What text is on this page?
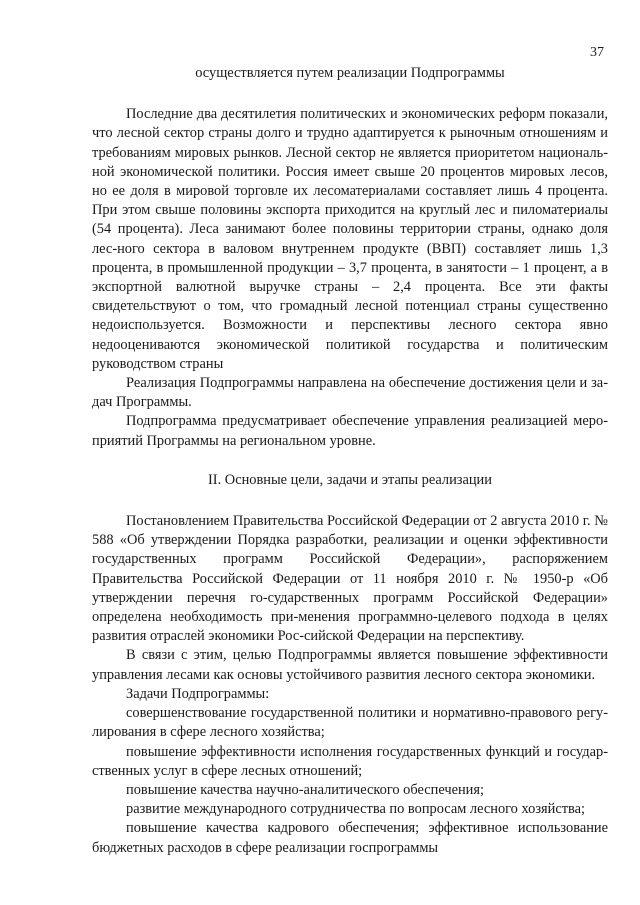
37

осуществляется путем реализации Подпрограммы

Последние два десятилетия политических и экономических реформ показали, что лесной сектор страны долго и трудно адаптируется к рыночным отношениям и требованиям мировых рынков. Лесной сектор не является приоритетом националь-ной экономической политики. Россия имеет свыше 20 процентов мировых лесов, но ее доля в мировой торговле их лесоматериалами составляет лишь 4 процента. При этом свыше половины экспорта приходится на круглый лес и пиломатериалы (54 процента). Леса занимают более половины территории страны, однако доля лес-ного сектора в валовом внутреннем продукте (ВВП) составляет лишь 1,3 процента, в промышленной продукции – 3,7 процента, в занятости – 1 процент, а в экспортной валютной выручке страны – 2,4 процента. Все эти факты свидетельствуют о том, что громадный лесной потенциал страны существенно недоиспользуется. Возможности и перспективы лесного сектора явно недооцениваются экономической политикой государства и политическим руководством страны

Реализация Подпрограммы направлена на обеспечение достижения цели и за-дач Программы.

Подпрограмма предусматривает обеспечение управления реализацией меро-приятий Программы на региональном уровне.

II. Основные цели, задачи и этапы реализации

Постановлением Правительства Российской Федерации от 2 августа 2010 г. № 588 «Об утверждении Порядка разработки, реализации и оценки эффективности государственных программ Российской Федерации», распоряжением Правительства Российской Федерации от 11 ноября 2010 г. № 1950-р «Об утверждении перечня го-сударственных программ Российской Федерации» определена необходимость при-менения программно-целевого подхода в целях развития отраслей экономики Рос-сийской Федерации на перспективу.

В связи с этим, целью Подпрограммы является повышение эффективности управления лесами как основы устойчивого развития лесного сектора экономики.

Задачи Подпрограммы:

совершенствование государственной политики и нормативно-правового регу-лирования в сфере лесного хозяйства;

повышение эффективности исполнения государственных функций и государ-ственных услуг в сфере лесных отношений;

повышение качества научно-аналитического обеспечения;

развитие международного сотрудничества по вопросам лесного хозяйства;

повышение качества кадрового обеспечения; эффективное использование бюджетных расходов в сфере реализации госпрограммы
